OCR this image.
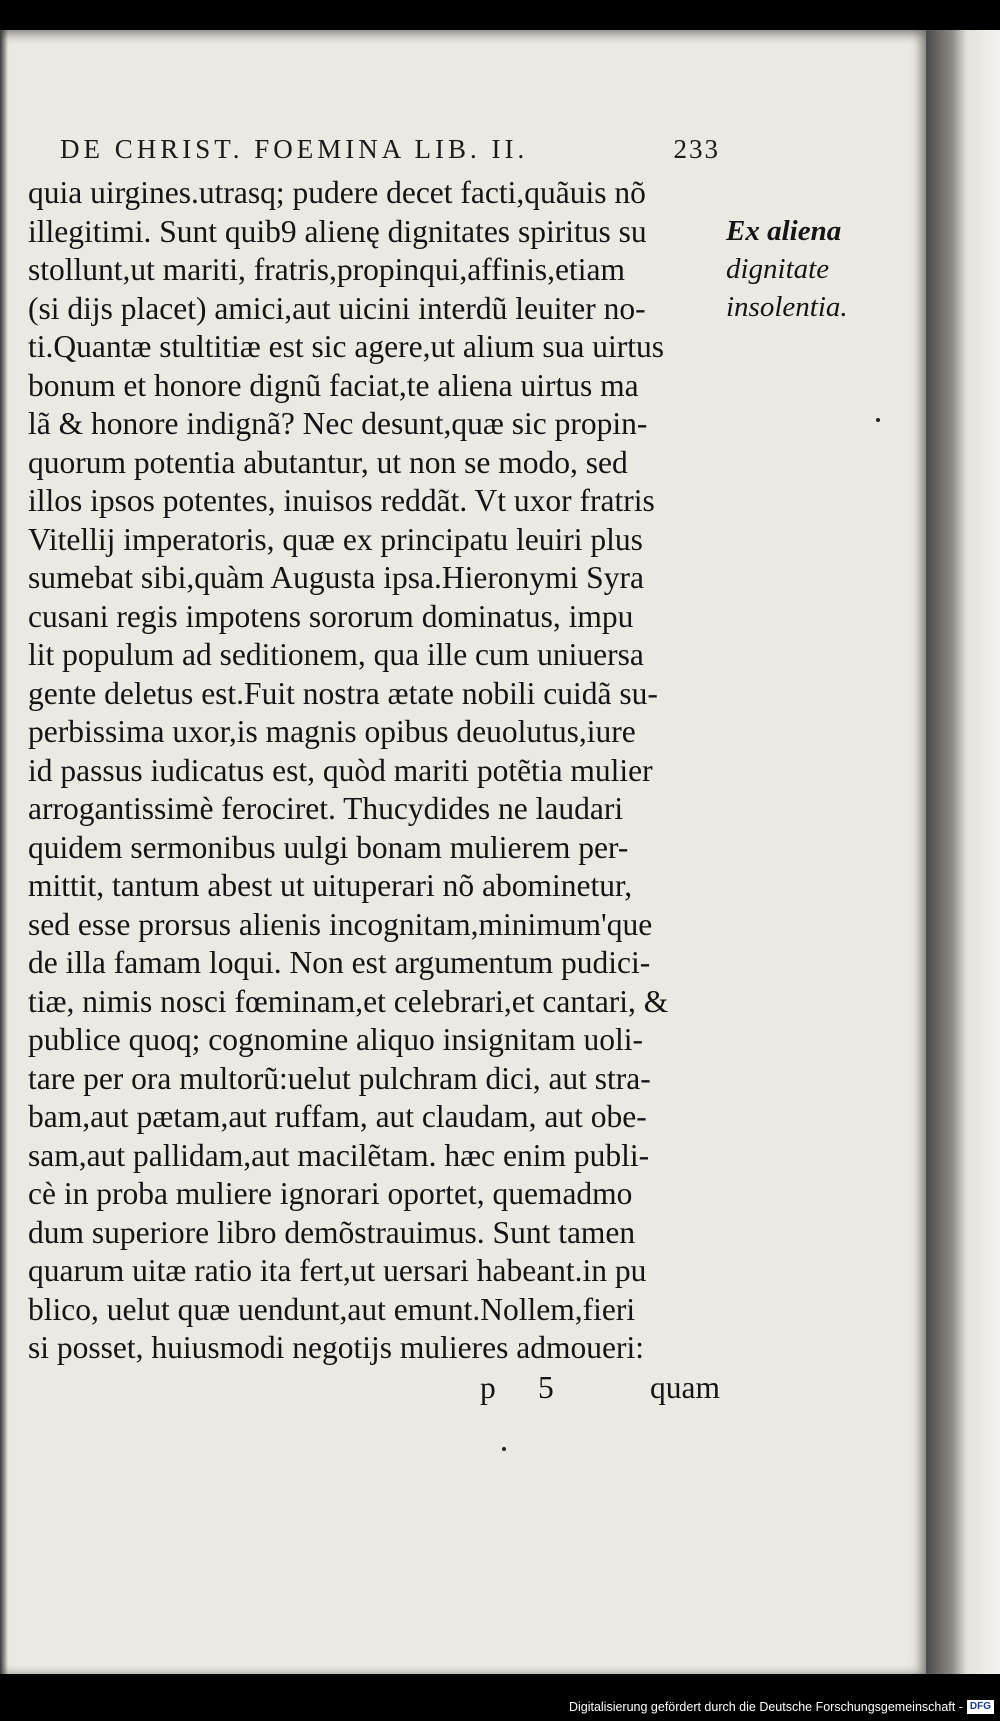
DE CHRIST. FOEMINA LIB. II.	233
quia uirgines.utrasq; pudere decet facti,quãuis nõ
illegitimi. Sunt quib9 alienę dignitates spiritus su
stollunt,ut mariti, fratris,propinqui,affinis,etiam
(si dijs placet) amici,aut uicini interdũ leuiter no-
ti.Quantæ stultitiæ est sic agere,ut alium sua uirtus
bonum et honore dignũ faciat,te aliena uirtus ma
lã & honore indignã? Nec desunt,quæ sic propin-
quorum potentia abutantur, ut non se modo, sed
illos ipsos potentes, inuisos reddãt. Vt uxor fratris
Vitellij imperatoris, quæ ex principatu leuiri plus
sumebat sibi,quàm Augusta ipsa.Hieronymi Syra
cusani regis impotens sororum dominatus, impu
lit populum ad seditionem, qua ille cum uniuersa
gente deletus est.Fuit nostra ætate nobili cuidã su-
perbissima uxor,is magnis opibus deuolutus,iure
id passus iudicatus est, quòd mariti potẽtia mulier
arrogantissimè ferociret. Thucydides ne laudari
quidem sermonibus uulgi bonam mulierem per-
mittit, tantum abest ut uituperari nõ abominetur,
sed esse prorsus alienis incognitam,minimum'que
de illa famam loqui. Non est argumentum pudici-
tiæ, nimis nosci fœminam,et celebrari,et cantari, &
publice quoq; cognomine aliquo insignitam uoli-
tare per ora multorũ:uelut pulchram dici, aut stra-
bam,aut pætam,aut ruffam, aut claudam, aut obe-
sam,aut pallidam,aut macilẽtam. hæc enim publi-
cè in proba muliere ignorari oportet, quemadmo
dum superiore libro demõstrauimus. Sunt tamen
quarum uitæ ratio ita fert,ut uersari habeant.in pu
blico, uelut quæ uendunt,aut emunt.Nollem,fieri
si posset, huiusmodi negotijs mulieres admoueri:
p 5	quam
Ex aliena
dignitate
insolentia.
Digitalisierung gefördert durch die Deutsche Forschungsgemeinschaft - DFG
